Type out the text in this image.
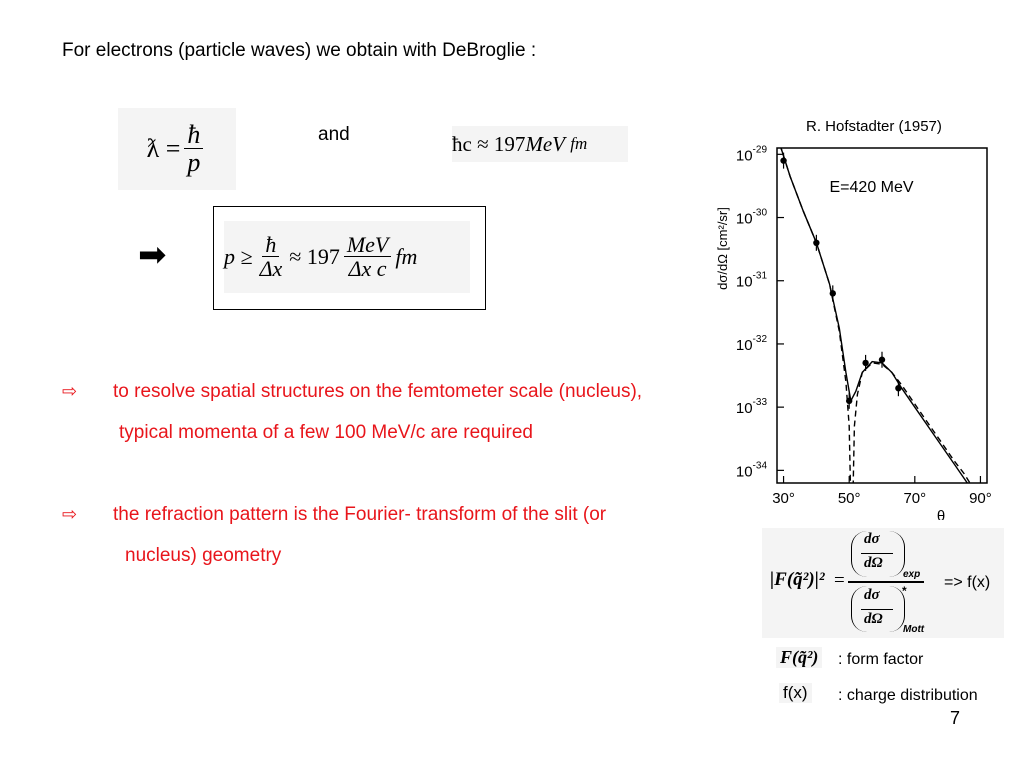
For electrons (particle waves) we obtain with DeBroglie :
ƛ = $\frac{ħ}{p}$	and	ħc ≈ 197 MeV
fm
➡	$p \ge \frac{ħ}{\Delta x} \approx 197 \frac{\text{MeV}}{\text{Δx c}}$ fm
⇨ to resolve spatial structures on the femtometer scale (nucleus),
typical momenta of a few 100 MeV/c are required
⇨ the refraction pattern is the Fourier- transform of the slit (or
nucleus) geometry
R. Hofstadter (1957)
$10^{-29}$
$10^{-30}$
$10^{-31}$
$10^{-32}$
$10^{-33}$
$10^{-34}$
30°	50°	70°	90°
θ
dσ/dΩ [cm²/sr]
E=420 MeV
|F(q̃²)|² =
dσ
dΩ
exp
dσ
dΩ
*
Mott
=> f(x)
F(q̃²) : form factor
f(x) : charge distribution
7
